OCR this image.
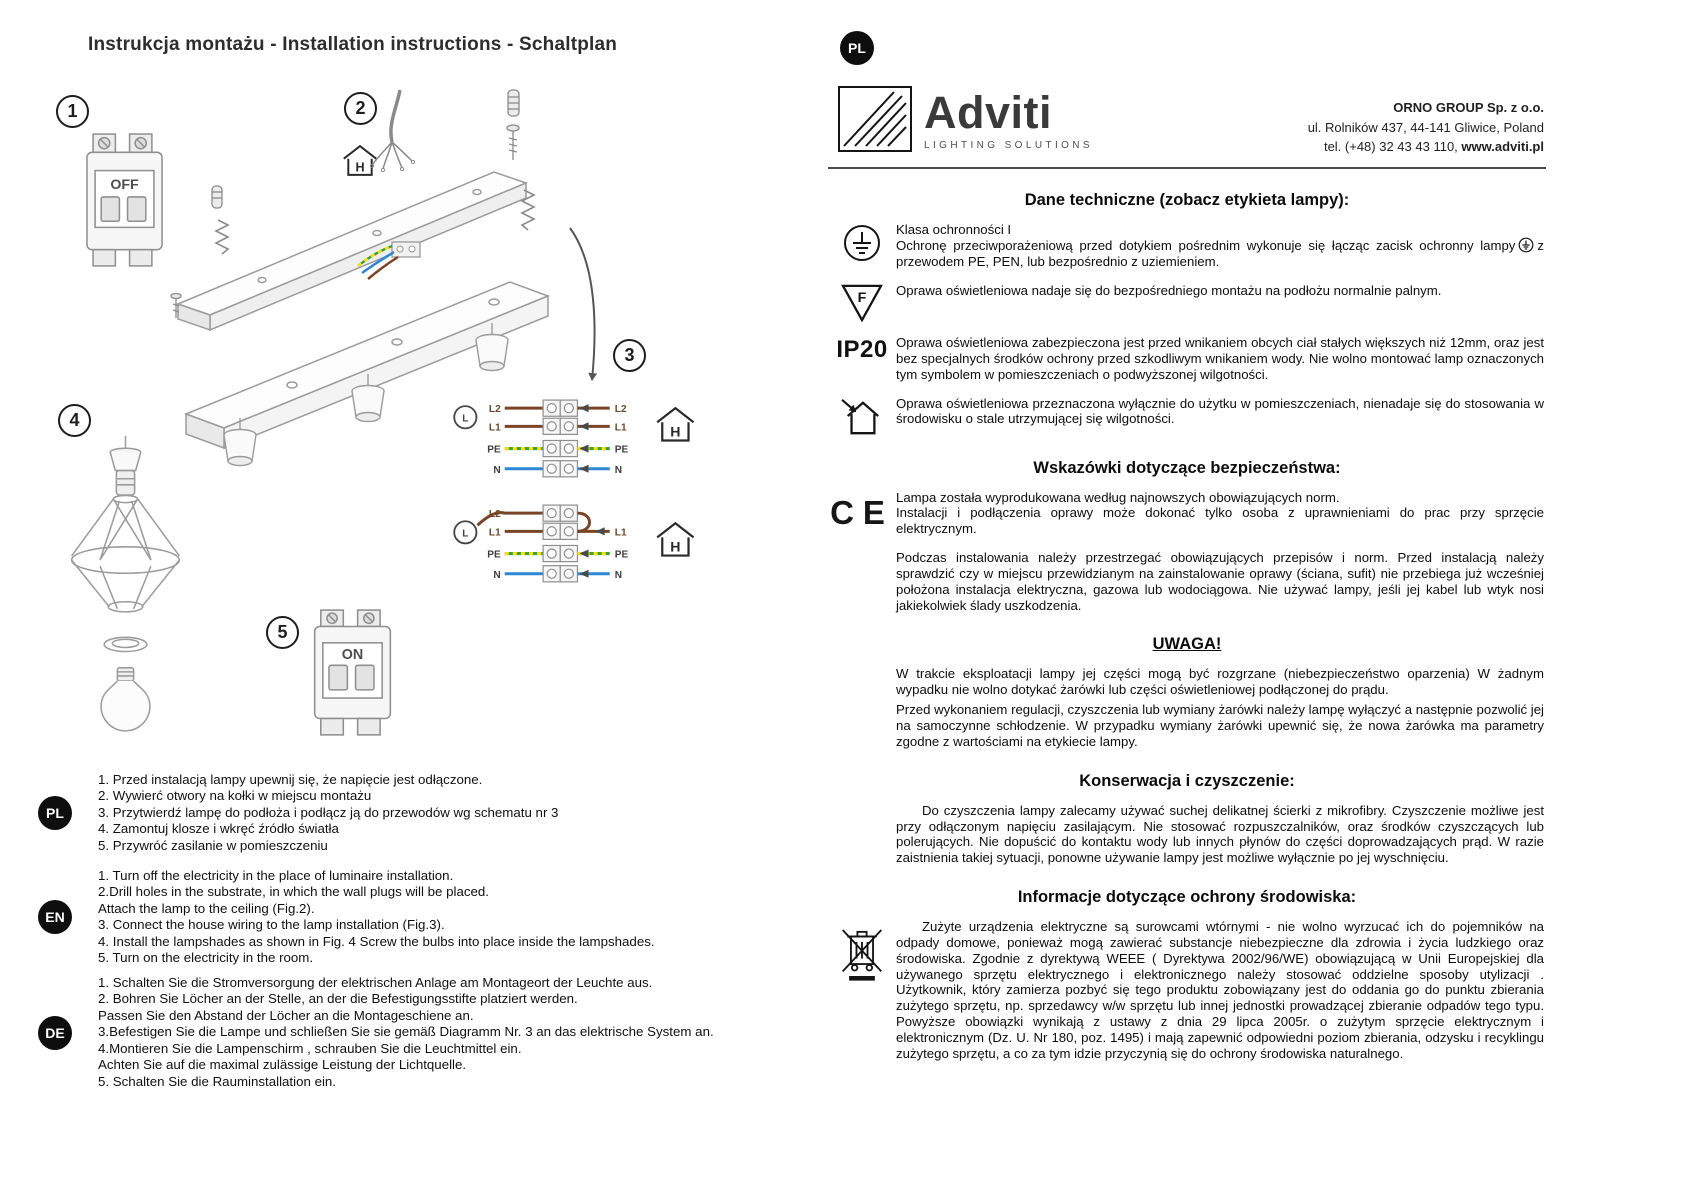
Instrukcja montażu - Installation instructions - Schaltplan
1	2
3
4
5
OFF
H
L
L2
L1
PE
N
L2
L1
PE
N
H
L
L2
L1
PE
N
L1
PE
N
H
ON
PL
1. Przed instalacją lampy upewnij się, że napięcie jest odłączone.
2. Wywierć otwory na kołki w miejscu montażu
3. Przytwierdź lampę do podłoża i podłącz ją do przewodów wg schematu nr 3
4. Zamontuj klosze i wkręć źródło światła
5. Przywróć zasilanie w pomieszczeniu
EN
1. Turn off the electricity in the place of luminaire installation.
2.Drill holes in the substrate, in which the wall plugs will be placed.
Attach the lamp to the ceiling (Fig.2).
3. Connect the house wiring to the lamp installation (Fig.3).
4. Install the lampshades as shown in Fig. 4 Screw the bulbs into place inside the lampshades.
5. Turn on the electricity in the room.
DE
1. Schalten Sie die Stromversorgung der elektrischen Anlage am Montageort der Leuchte aus.
2. Bohren Sie Löcher an der Stelle, an der die Befestigungsstifte platziert werden.
Passen Sie den Abstand der Löcher an die Montageschiene an.
3.Befestigen Sie die Lampe und schließen Sie sie gemäß Diagramm Nr. 3 an das elektrische System an.
4.Montieren Sie die Lampenschirm , schrauben Sie die Leuchtmittel ein.
Achten Sie auf die maximal zulässige Leistung der Lichtquelle.
5. Schalten Sie die Rauminstallation ein.
PL
Adviti
LIGHTING SOLUTIONS
ORNO GROUP Sp. z o.o.
ul. Rolników 437, 44-141 Gliwice, Poland
tel. (+48) 32 43 43 110, www.adviti.pl
Dane techniczne (zobacz etykieta lampy):
Klasa ochronności I
Ochronę przeciwporażeniową przed dotykiem pośrednim wykonuje się łącząc zacisk ochronny lampy z przewodem PE, PEN, lub bezpośrednio z uziemieniem.
F Oprawa oświetleniowa nadaje się do bezpośredniego montażu na podłożu normalnie palnym.
IP20 Oprawa oświetleniowa zabezpieczona jest przed wnikaniem obcych ciał stałych większych niż 12mm, oraz jest bez specjalnych środków ochrony przed szkodliwym wnikaniem wody. Nie wolno montować lamp oznaczonych tym symbolem w pomieszczeniach o podwyższonej wilgotności.
Oprawa oświetleniowa przeznaczona wyłącznie do użytku w pomieszczeniach, nienadaje się do stosowania w środowisku o stale utrzymującej się wilgotności.
Wskazówki dotyczące bezpieczeństwa:
CE Lampa została wyprodukowana według najnowszych obowiązujących norm.
Instalacji i podłączenia oprawy może dokonać tylko osoba z uprawnieniami do prac przy sprzęcie elektrycznym.
Podczas instalowania należy przestrzegać obowiązujących przepisów i norm. Przed instalacją należy sprawdzić czy w miejscu przewidzianym na zainstalowanie oprawy (ściana, sufit) nie przebiega już wcześniej położona instalacja elektryczna, gazowa lub wodociągowa. Nie używać lampy, jeśli jej kabel lub wtyk nosi jakiekolwiek ślady uszkodzenia.
UWAGA!
W trakcie eksploatacji lampy jej części mogą być rozgrzane (niebezpieczeństwo oparzenia) W żadnym wypadku nie wolno dotykać żarówki lub części oświetleniowej podłączonej do prądu.
Przed wykonaniem regulacji, czyszczenia lub wymiany żarówki należy lampę wyłączyć a następnie pozwolić jej na samoczynne schłodzenie. W przypadku wymiany żarówki upewnić się, że nowa żarówka ma parametry zgodne z wartościami na etykiecie lampy.
Konserwacja i czyszczenie:
Do czyszczenia lampy zalecamy używać suchej delikatnej ścierki z mikrofibry. Czyszczenie możliwe jest przy odłączonym napięciu zasilającym. Nie stosować rozpuszczalników, oraz środków czyszczących lub polerujących. Nie dopuścić do kontaktu wody lub innych płynów do części doprowadzających prąd. W razie zaistnienia takiej sytuacji, ponowne używanie lampy jest możliwe wyłącznie po jej wyschnięciu.
Informacje dotyczące ochrony środowiska:
Zużyte urządzenia elektryczne są surowcami wtórnymi - nie wolno wyrzucać ich do pojemników na odpady domowe, ponieważ mogą zawierać substancje niebezpieczne dla zdrowia i życia ludzkiego oraz środowiska. Zgodnie z dyrektywą WEEE ( Dyrektywa 2002/96/WE) obowiązującą w Unii Europejskiej dla używanego sprzętu elektrycznego i elektronicznego należy stosować oddzielne sposoby utylizacji . Użytkownik, który zamierza pozbyć się tego produktu zobowiązany jest do oddania go do punktu zbierania zużytego sprzętu, np. sprzedawcy w/w sprzętu lub innej jednostki prowadzącej zbieranie odpadów tego typu. Powyższe obowiązki wynikają z ustawy z dnia 29 lipca 2005r. o zużytym sprzęcie elektrycznym i elektronicznym (Dz. U. Nr 180, poz. 1495) i mają zapewnić odpowiedni poziom zbierania, odzysku i recyklingu zużytego sprzętu, a co za tym idzie przyczynią się do ochrony środowiska naturalnego.
